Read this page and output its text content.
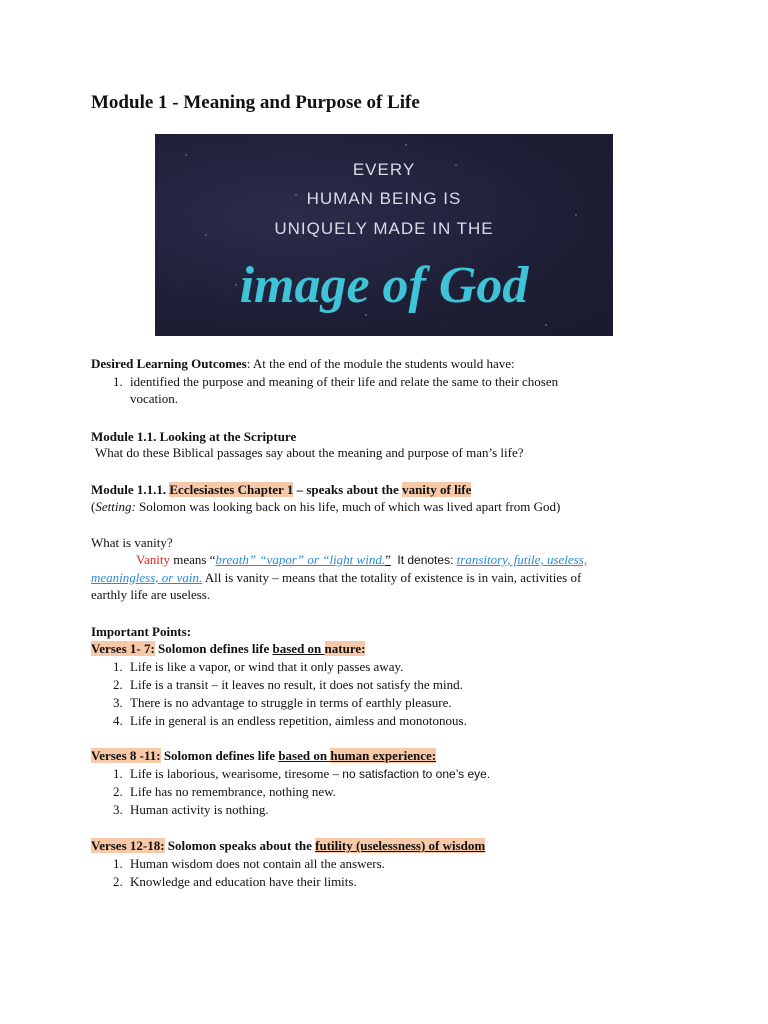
Module 1 - Meaning and Purpose of Life
EVERY
HUMAN BEING IS
UNIQUELY MADE IN THE
image of God

Desired Learning Outcomes: At the end of the module the students would have:

1. identified the purpose and meaning of their life and relate the same to their chosen
vocation.

Module 1.1. Looking at the Scripture

What do these Biblical passages say about the meaning and purpose of man’s life?

Module 1.1.1. Ecclesiastes Chapter 1 – speaks about the vanity of life

(Setting: Solomon was looking back on his life, much of which was lived apart from God)

What is vanity?

Vanity means “breath” “vapor” or “light wind.” It denotes: transitory, futile, useless,

meaningless, or vain. All is vanity – means that the totality of existence is in vain, activities of

earthly life are useless.

Important Points:

Verses 1- 7: Solomon defines life based on nature:

1. Life is like a vapor, or wind that it only passes away.
2. Life is a transit – it leaves no result, it does not satisfy the mind.
3. There is no advantage to struggle in terms of earthly pleasure.
4. Life in general is an endless repetition, aimless and monotonous.

Verses 8 -11: Solomon defines life based on human experience:

1. Life is laborious, wearisome, tiresome – no satisfaction to one’s eye.
2. Life has no remembrance, nothing new.
3. Human activity is nothing.

Verses 12-18: Solomon speaks about the futility (uselessness) of wisdom

1. Human wisdom does not contain all the answers.
2. Knowledge and education have their limits.
